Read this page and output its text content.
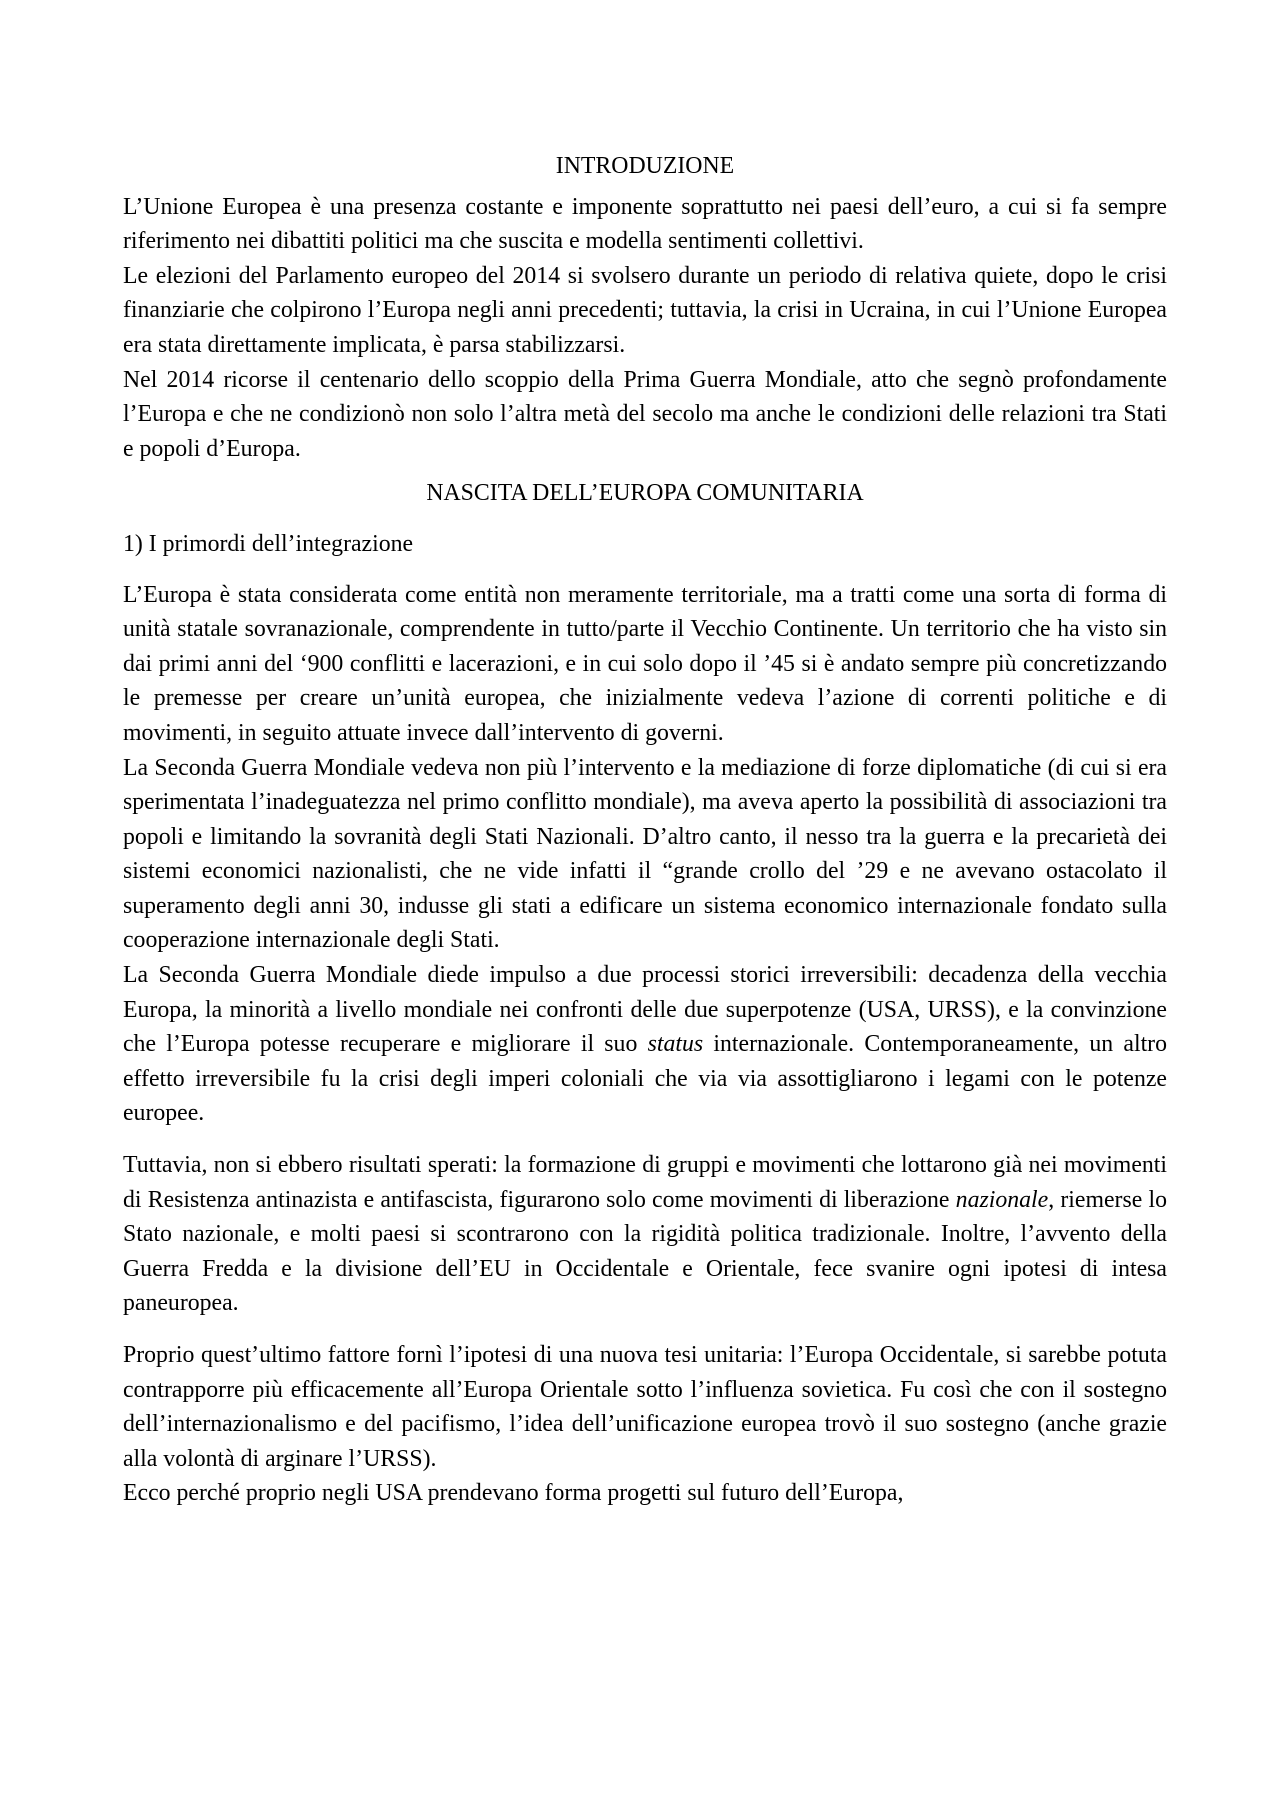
INTRODUZIONE

L’Unione Europea è una presenza costante e imponente soprattutto nei paesi dell’euro, a cui si fa sempre riferimento nei dibattiti politici ma che suscita e modella sentimenti collettivi.

Le elezioni del Parlamento europeo del 2014 si svolsero durante un periodo di relativa quiete, dopo le crisi finanziarie che colpirono l’Europa negli anni precedenti; tuttavia, la crisi in Ucraina, in cui l’Unione Europea era stata direttamente implicata, è parsa stabilizzarsi.

Nel 2014 ricorse il centenario dello scoppio della Prima Guerra Mondiale, atto che segnò profondamente l’Europa e che ne condizionò non solo l’altra metà del secolo ma anche le condizioni delle relazioni tra Stati e popoli d’Europa.

NASCITA DELL’EUROPA COMUNITARIA
1) I primordi dell’integrazione

L’Europa è stata considerata come entità non meramente territoriale, ma a tratti come una sorta di forma di unità statale sovranazionale, comprendente in tutto/parte il Vecchio Continente. Un territorio che ha visto sin dai primi anni del ‘900 conflitti e lacerazioni, e in cui solo dopo il ’45 si è andato sempre più concretizzando le premesse per creare un’unità europea, che inizialmente vedeva l’azione di correnti politiche e di movimenti, in seguito attuate invece dall’intervento di governi.

La Seconda Guerra Mondiale vedeva non più l’intervento e la mediazione di forze diplomatiche (di cui si era sperimentata l’inadeguatezza nel primo conflitto mondiale), ma aveva aperto la possibilità di associazioni tra popoli e limitando la sovranità degli Stati Nazionali. D’altro canto, il nesso tra la guerra e la precarietà dei sistemi economici nazionalisti, che ne vide infatti il “grande crollo del ’29 e ne avevano ostacolato il superamento degli anni 30, indusse gli stati a edificare un sistema economico internazionale fondato sulla cooperazione internazionale degli Stati.

La Seconda Guerra Mondiale diede impulso a due processi storici irreversibili: decadenza della vecchia Europa, la minorità a livello mondiale nei confronti delle due superpotenze (USA, URSS), e la convinzione che l’Europa potesse recuperare e migliorare il suo status internazionale. Contemporaneamente, un altro effetto irreversibile fu la crisi degli imperi coloniali che via via assottigliarono i legami con le potenze europee.

Tuttavia, non si ebbero risultati sperati: la formazione di gruppi e movimenti che lottarono già nei movimenti di Resistenza antinazista e antifascista, figurarono solo come movimenti di liberazione nazionale, riemerse lo Stato nazionale, e molti paesi si scontrarono con la rigidità politica tradizionale. Inoltre, l’avvento della Guerra Fredda e la divisione dell’EU in Occidentale e Orientale, fece svanire ogni ipotesi di intesa paneuropea.

Proprio quest’ultimo fattore fornì l’ipotesi di una nuova tesi unitaria: l’Europa Occidentale, si sarebbe potuta contrapporre più efficacemente all’Europa Orientale sotto l’influenza sovietica. Fu così che con il sostegno dell’internazionalismo e del pacifismo, l’idea dell’unificazione europea trovò il suo sostegno (anche grazie alla volontà di arginare l’URSS).

Ecco perché proprio negli USA prendevano forma progetti sul futuro dell’Europa,
